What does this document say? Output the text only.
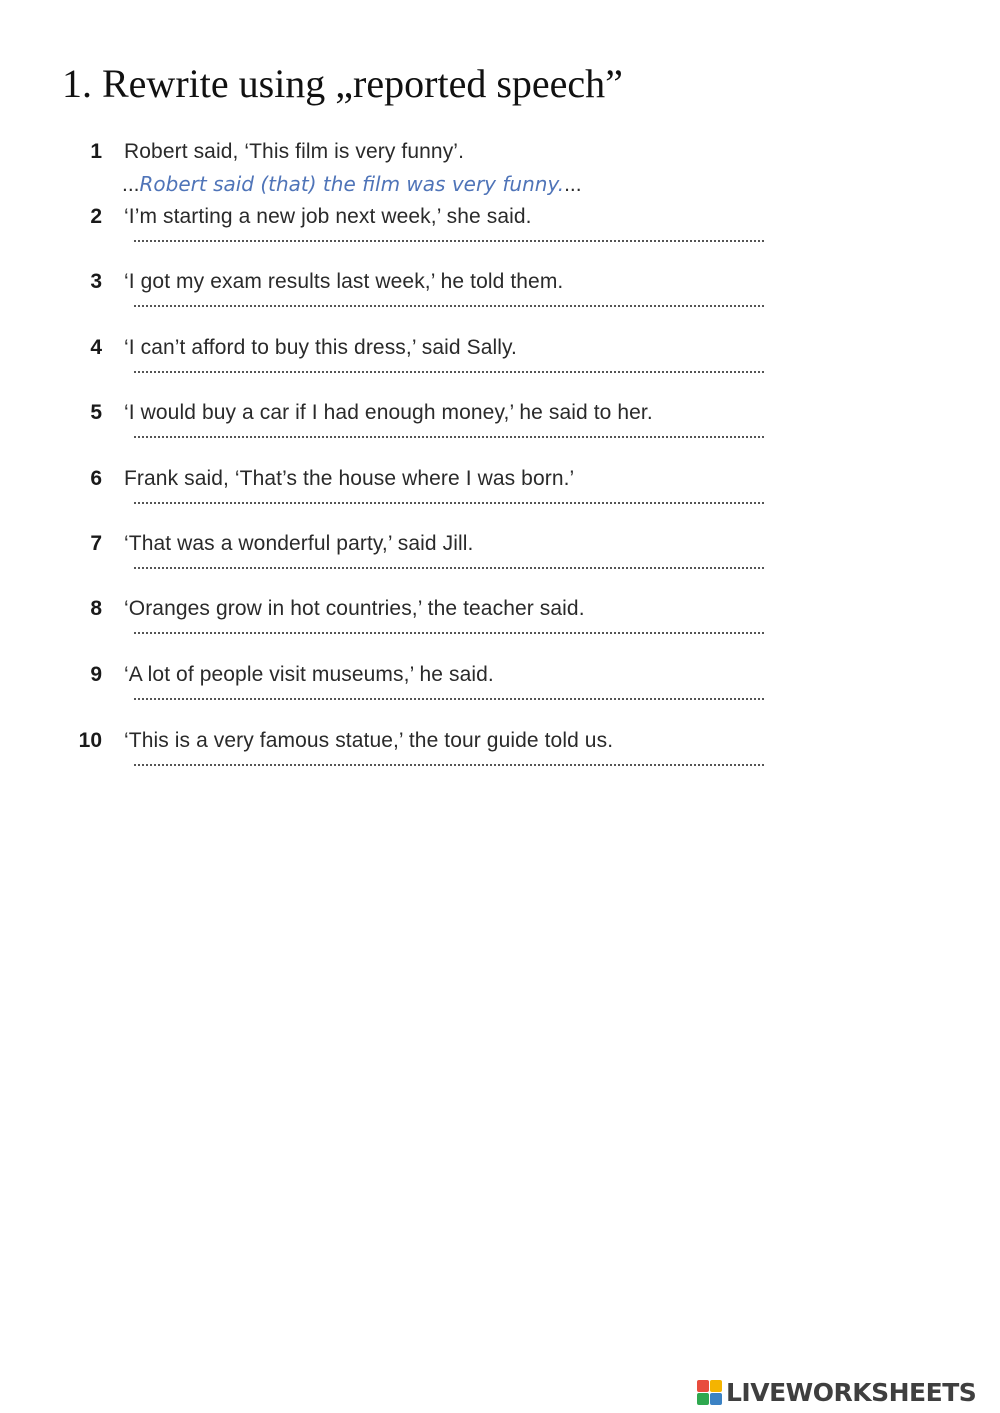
1. Rewrite using „reported speech”
1 Robert said, ‘This film is very funny’.
...Robert said (that) the film was very funny....
2 ‘I’m starting a new job next week,’ she said.
3 ‘I got my exam results last week,’ he told them.
4 ‘I can’t afford to buy this dress,’ said Sally.
5 ‘I would buy a car if I had enough money,’ he said to her.
6 Frank said, ‘That’s the house where I was born.’
7 ‘That was a wonderful party,’ said Jill.
8 ‘Oranges grow in hot countries,’ the teacher said.
9 ‘A lot of people visit museums,’ he said.
10 ‘This is a very famous statue,’ the tour guide told us.
LIVEWORKSHEETS
